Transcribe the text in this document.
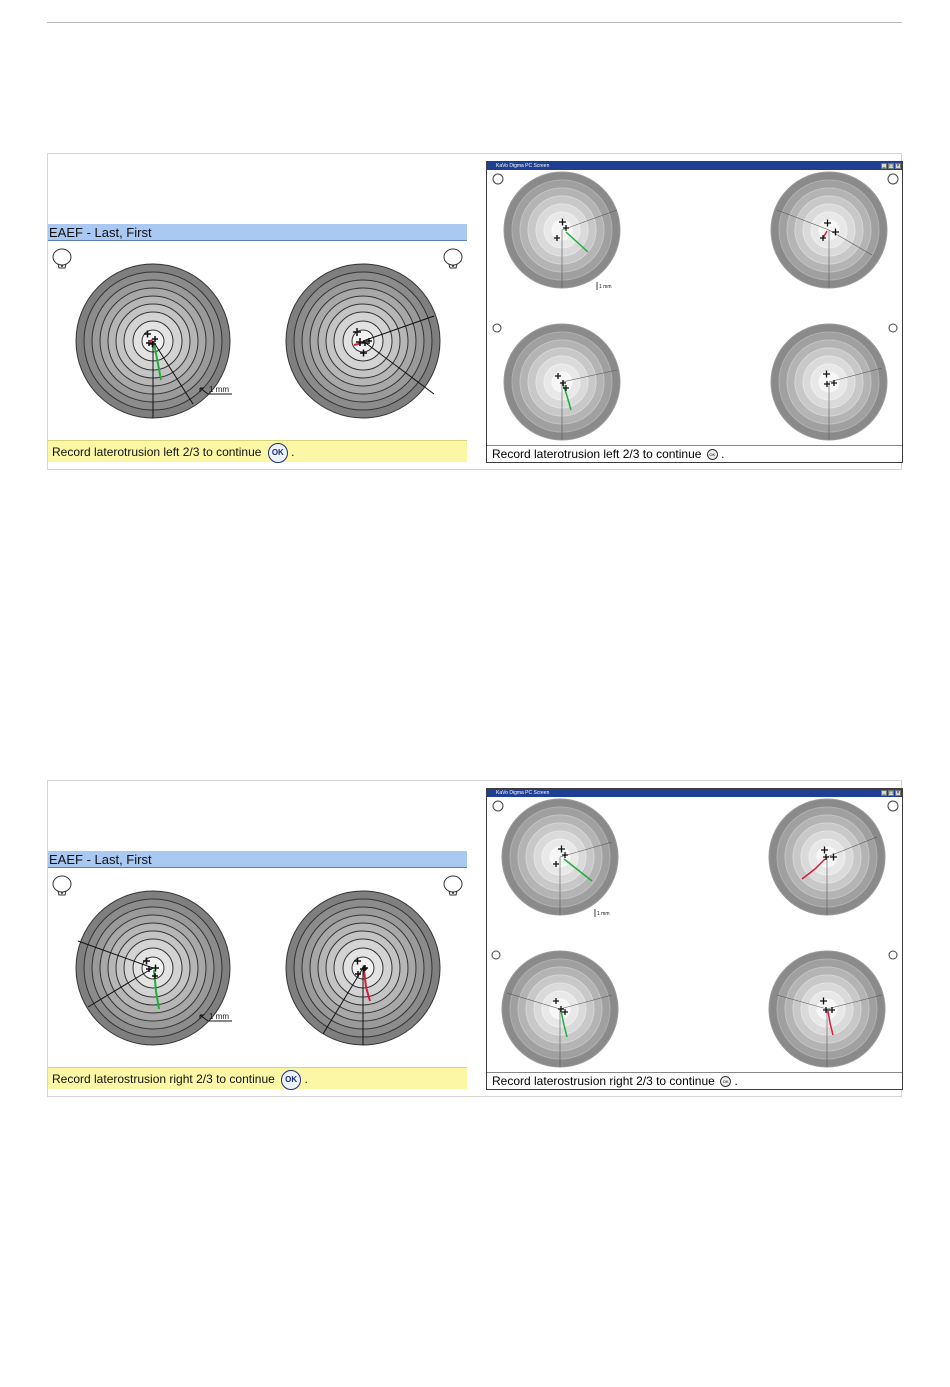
EAEF - Last, First
1 mm
Record laterotrusion left 2/3 to continue OK .
KaVo Digma PC Screen	_ □ ×
1 mm
Record laterotrusion left 2/3 to continue OK .
EAEF - Last, First
1 mm
Record laterostrusion right 2/3 to continue OK .
KaVo Digma PC Screen	_ □ ×
1 mm
Record laterostrusion right 2/3 to continue OK .
